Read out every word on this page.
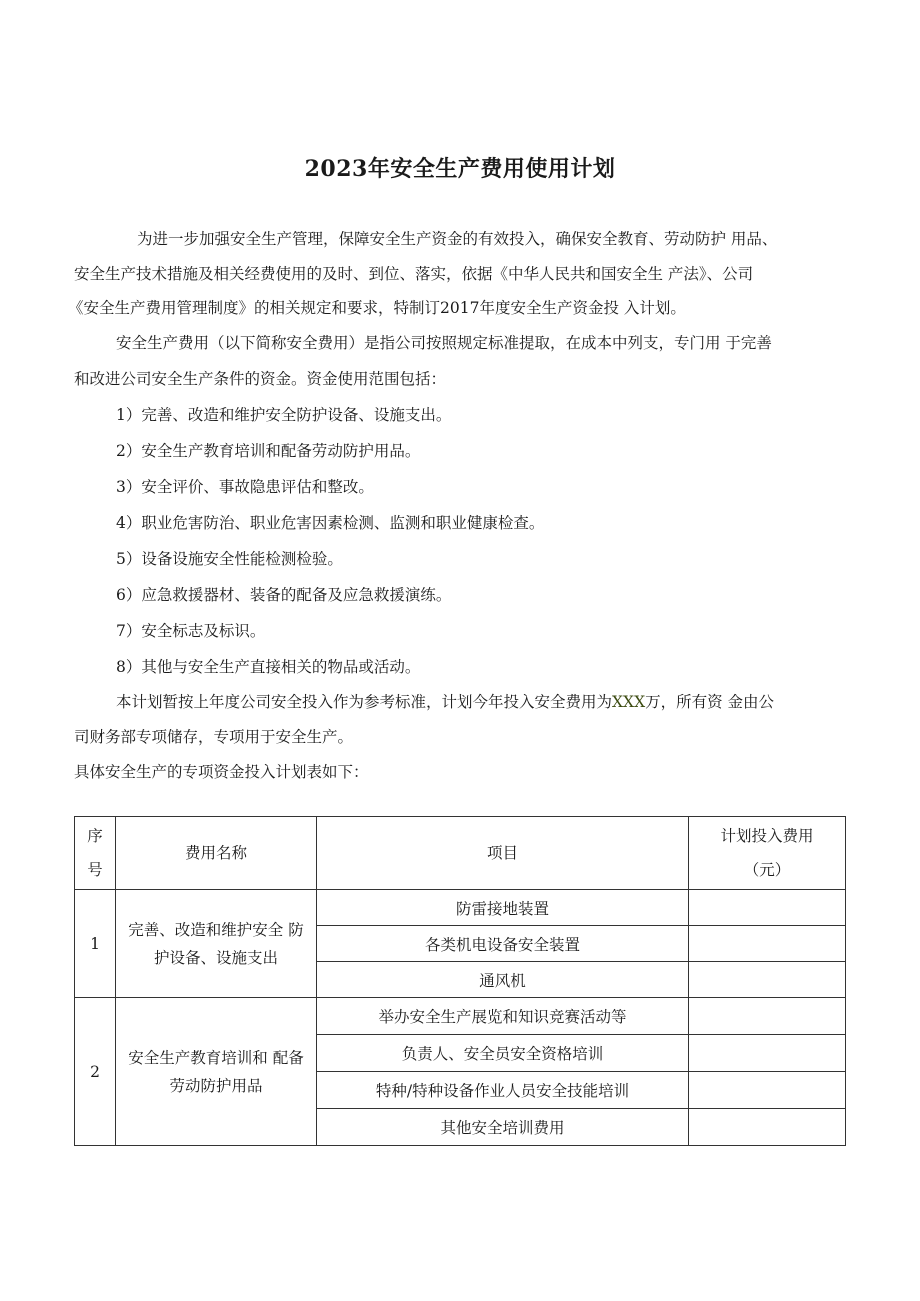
2023年安全生产费用使用计划
为进一步加强安全生产管理，保障安全生产资金的有效投入，确保安全教育、劳动防护 用品、
安全生产技术措施及相关经费使用的及时、到位、落实，依据《中华人民共和国安全生 产法》、公司
《安全生产费用管理制度》的相关规定和要求，特制订2017年度安全生产资金投 入计划。
安全生产费用（以下简称安全费用）是指公司按照规定标准提取，在成本中列支，专门用 于完善
和改进公司安全生产条件的资金。资金使用范围包括：
1）完善、改造和维护安全防护设备、设施支出。
2）安全生产教育培训和配备劳动防护用品。
3）安全评价、事故隐患评估和整改。
4）职业危害防治、职业危害因素检测、监测和职业健康检查。
5）设备设施安全性能检测检验。
6）应急救援器材、装备的配备及应急救援演练。
7）安全标志及标识。
8）其他与安全生产直接相关的物品或活动。
本计划暂按上年度公司安全投入作为参考标准，计划今年投入安全费用为XXX万，所有资 金由公
司财务部专项储存，专项用于安全生产。
具体安全生产的专项资金投入计划表如下：
序
号	费用名称	项目	计划投入费用
（元）
1	完善、改造和维护安全 防
护设备、设施支出	防雷接地装置	
		各类机电设备安全装置	
		通风机	
2	安全生产教育培训和 配备
劳动防护用品	举办安全生产展览和知识竞赛活动等	
		负责人、安全员安全资格培训	
		特种/特种设备作业人员安全技能培训	
		其他安全培训费用	
